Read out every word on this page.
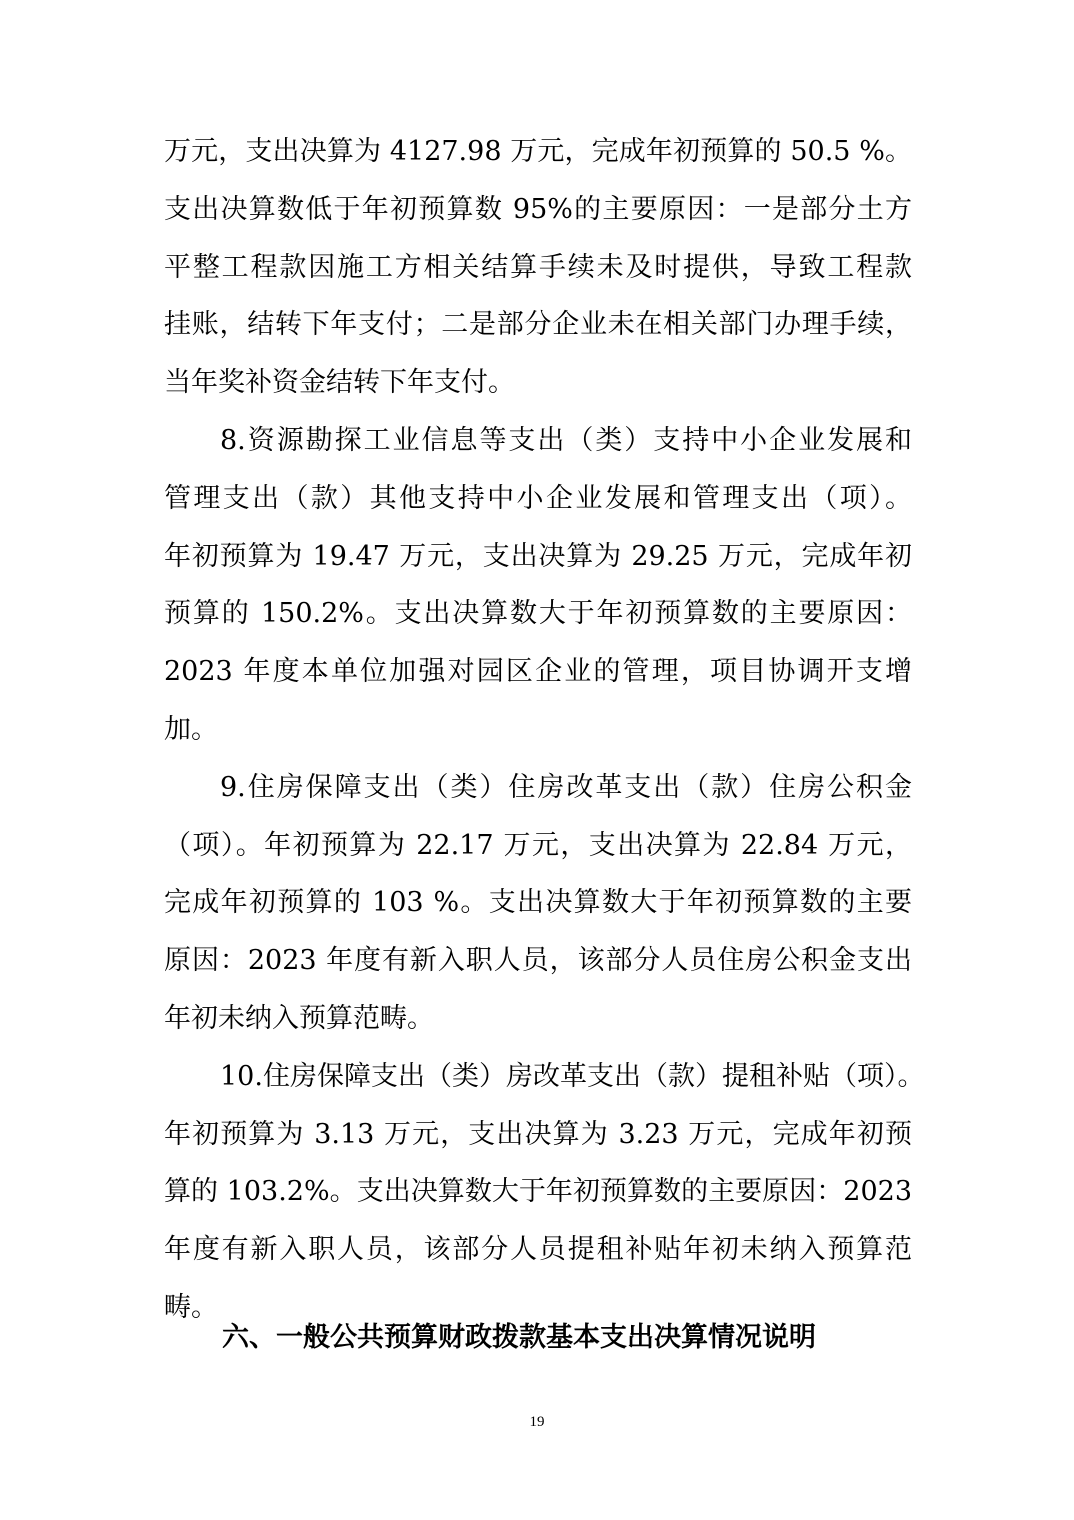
万元，支出决算为 4127.98 万元，完成年初预算的 50.5 %。
支出决算数低于年初预算数 95%的主要原因：一是部分土方
平整工程款因施工方相关结算手续未及时提供，导致工程款
挂账，结转下年支付；二是部分企业未在相关部门办理手续，
当年奖补资金结转下年支付。
8.资源勘探工业信息等支出（类）支持中小企业发展和
管理支出（款）其他支持中小企业发展和管理支出（项）。
年初预算为 19.47 万元，支出决算为 29.25 万元，完成年初
预算的 150.2%。支出决算数大于年初预算数的主要原因：
2023 年度本单位加强对园区企业的管理，项目协调开支增
加。
9.住房保障支出（类）住房改革支出（款）住房公积金
（项）。年初预算为 22.17 万元，支出决算为 22.84 万元，
完成年初预算的 103 %。支出决算数大于年初预算数的主要
原因：2023 年度有新入职人员，该部分人员住房公积金支出
年初未纳入预算范畴。
10.住房保障支出（类）房改革支出（款）提租补贴（项）。
年初预算为 3.13 万元，支出决算为 3.23 万元，完成年初预
算的 103.2%。支出决算数大于年初预算数的主要原因：2023
年度有新入职人员，该部分人员提租补贴年初未纳入预算范
畴。
六、一般公共预算财政拨款基本支出决算情况说明
19
